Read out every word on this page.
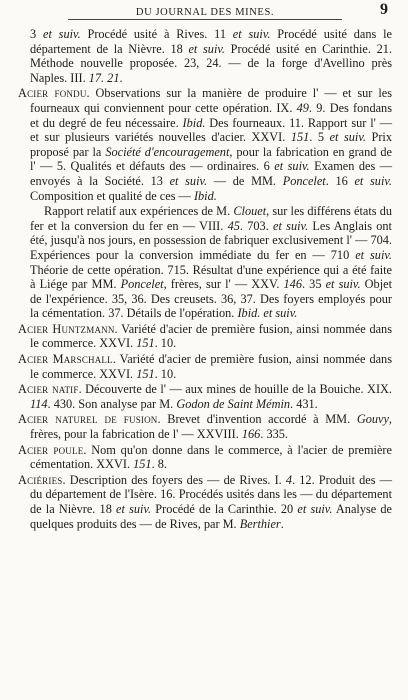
DU JOURNAL DES MINES.	9

3 et suiv. Procédé usité à Rives. 11 et suiv. Procédé usité dans le département de la Nièvre. 18 et suiv. Procédé usité en Carinthie. 21. Méthode nouvelle proposée. 23, 24. — de la forge d'Avellino près Naples. III. 17. 21.

Acier fondu. Observations sur la manière de produire l' — et sur les fourneaux qui conviennent pour cette opération. IX. 49. 9. Des fondans et du degré de feu nécessaire. Ibid. Des fourneaux. 11. Rapport sur l' — et sur plusieurs variétés nouvelles d'acier. XXVI. 151. 5 et suiv. Prix proposé par la Société d'encouragement, pour la fabrication en grand de l' — 5. Qualités et défauts des — ordinaires. 6 et suiv. Examen des — envoyés à la Société. 13 et suiv. — de MM. Poncelet. 16 et suiv. Composition et qualité de ces — Ibid.

Rapport relatif aux expériences de M. Clouet, sur les différens états du fer et la conversion du fer en — VIII. 45. 703. et suiv. Les Anglais ont été, jusqu'à nos jours, en possession de fabriquer exclusivement l' — 704. Expériences pour la conversion immédiate du fer en — 710 et suiv. Théorie de cette opération. 715. Résultat d'une expérience qui a été faite à Liége par MM. Poncelet, frères, sur l' — XXV. 146. 35 et suiv. Objet de l'expérience. 35, 36. Des creusets. 36, 37. Des foyers employés pour la cémentation. 37. Détails de l'opération. Ibid. et suiv.

Acier Huntzmann. Variété d'acier de première fusion, ainsi nommée dans le commerce. XXVI. 151. 10.

Acier Marschall. Variété d'acier de première fusion, ainsi nommée dans le commerce. XXVI. 151. 10.

Acier natif. Découverte de l' — aux mines de houille de la Bouiche. XIX. 114. 430. Son analyse par M. Godon de Saint Mémin. 431.

Acier naturel de fusion. Brevet d'invention accordé à MM. Gouvy, frères, pour la fabrication de l' — XXVIII. 166. 335.

Acier poule. Nom qu'on donne dans le commerce, à l'acier de première cémentation. XXVI. 151. 8.

Aciéries. Description des foyers des — de Rives. I. 4. 12. Produit des — du département de l'Isère. 16. Procédés usités dans les — du département de la Nièvre. 18 et suiv. Procédé de la Carinthie. 20 et suiv. Analyse de quelques produits des — de Rives, par M. Berthier.
